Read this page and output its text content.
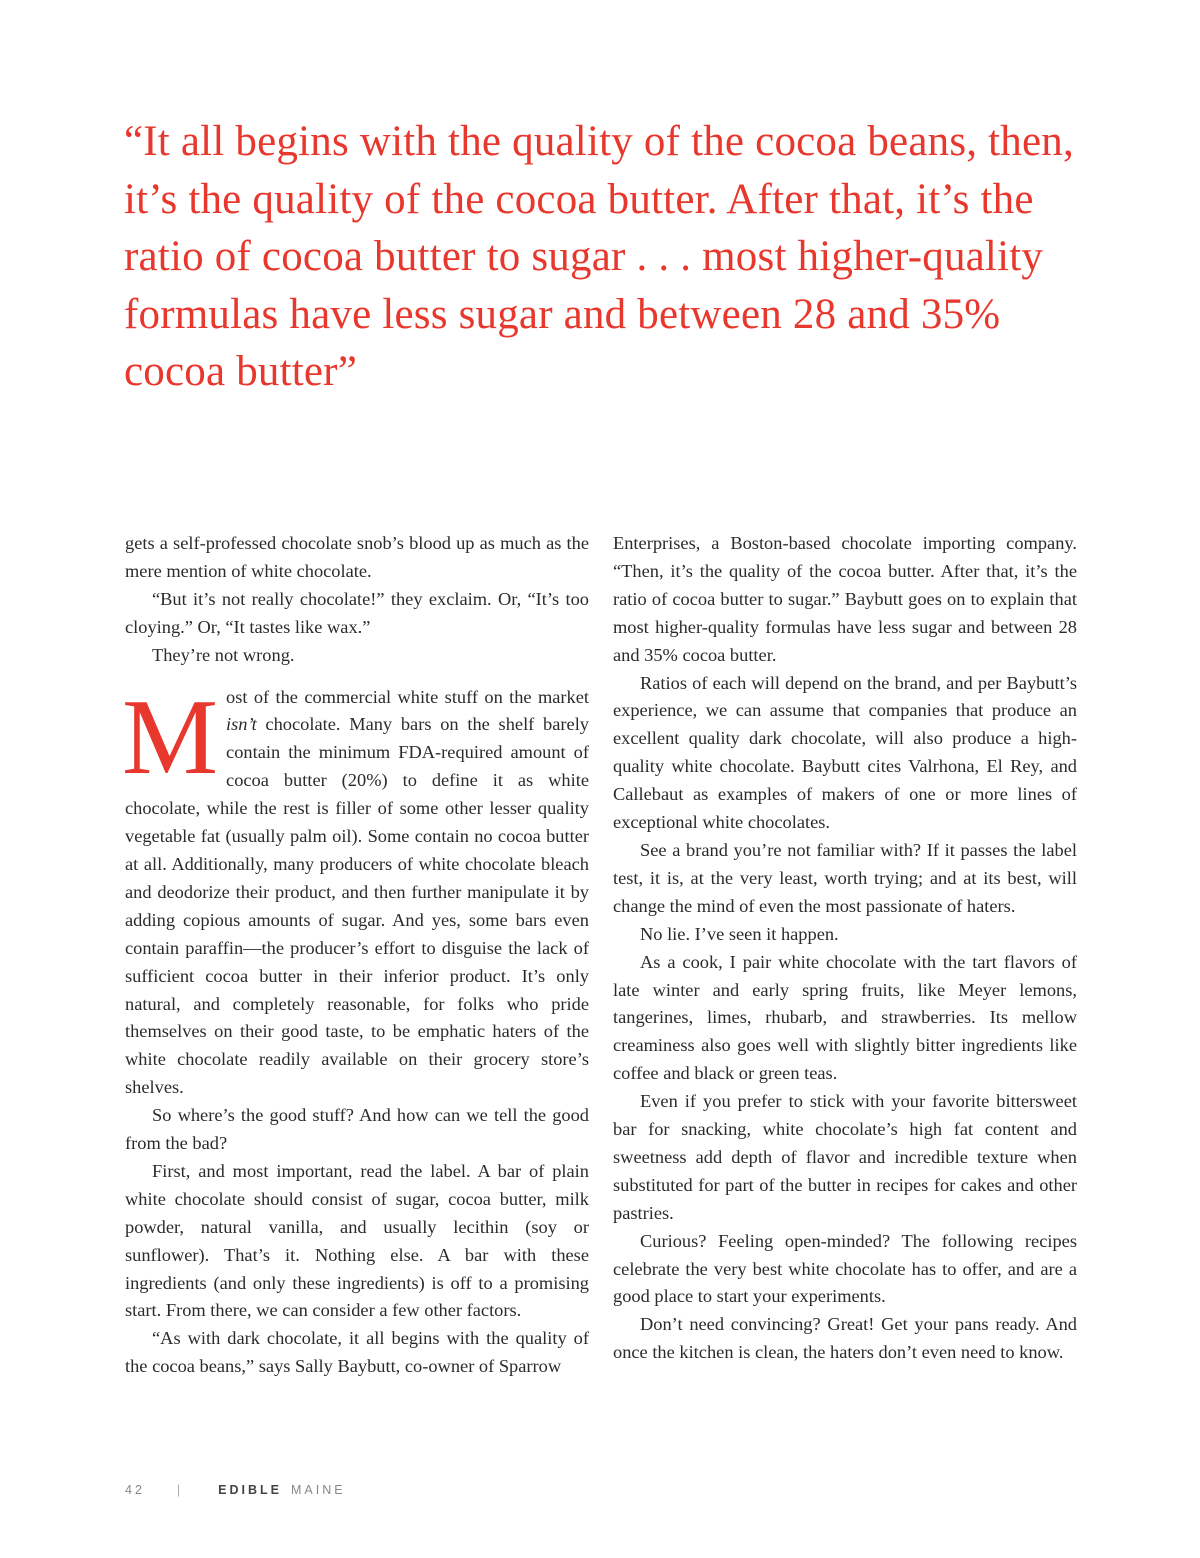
“It all begins with the quality of the cocoa beans, then, it’s the quality of the cocoa butter. After that, it’s the ratio of cocoa butter to sugar . . . most higher-quality formulas have less sugar and between 28 and 35% cocoa butter”

gets a self-professed chocolate snob’s blood up as much as the mere mention of white chocolate.

“But it’s not really chocolate!” they exclaim. Or, “It’s too cloying.” Or, “It tastes like wax.”

They’re not wrong.

Most of the commercial white stuff on the market isn’t chocolate. Many bars on the shelf barely contain the minimum FDA-required amount of cocoa butter (20%) to define it as white chocolate, while the rest is filler of some other lesser quality vegetable fat (usually palm oil). Some contain no cocoa butter at all. Additionally, many producers of white chocolate bleach and deodorize their product, and then further manipulate it by adding copious amounts of sugar. And yes, some bars even contain paraffin—the producer’s effort to disguise the lack of sufficient cocoa butter in their inferior product. It’s only natural, and completely reasonable, for folks who pride themselves on their good taste, to be emphatic haters of the white chocolate readily available on their grocery store’s shelves.

So where’s the good stuff? And how can we tell the good from the bad?

First, and most important, read the label. A bar of plain white chocolate should consist of sugar, cocoa butter, milk powder, natural vanilla, and usually lecithin (soy or sunflower). That’s it. Nothing else. A bar with these ingredients (and only these ingredients) is off to a promising start. From there, we can consider a few other factors.

“As with dark chocolate, it all begins with the quality of the cocoa beans,” says Sally Baybutt, co-owner of Sparrow

Enterprises, a Boston-based chocolate importing company. “Then, it’s the quality of the cocoa butter. After that, it’s the ratio of cocoa butter to sugar.” Baybutt goes on to explain that most higher-quality formulas have less sugar and between 28 and 35% cocoa butter.

Ratios of each will depend on the brand, and per Baybutt’s experience, we can assume that companies that produce an excellent quality dark chocolate, will also produce a high-quality white chocolate. Baybutt cites Valrhona, El Rey, and Callebaut as examples of makers of one or more lines of exceptional white chocolates.

See a brand you’re not familiar with? If it passes the label test, it is, at the very least, worth trying; and at its best, will change the mind of even the most passionate of haters.

No lie. I’ve seen it happen.

As a cook, I pair white chocolate with the tart flavors of late winter and early spring fruits, like Meyer lemons, tangerines, limes, rhubarb, and strawberries. Its mellow creaminess also goes well with slightly bitter ingredients like coffee and black or green teas.

Even if you prefer to stick with your favorite bittersweet bar for snacking, white chocolate’s high fat content and sweetness add depth of flavor and incredible texture when substituted for part of the butter in recipes for cakes and other pastries.

Curious? Feeling open-minded? The following recipes celebrate the very best white chocolate has to offer, and are a good place to start your experiments.

Don’t need convincing? Great! Get your pans ready. And once the kitchen is clean, the haters don’t even need to know.

42	|	EDIBLE MAINE
